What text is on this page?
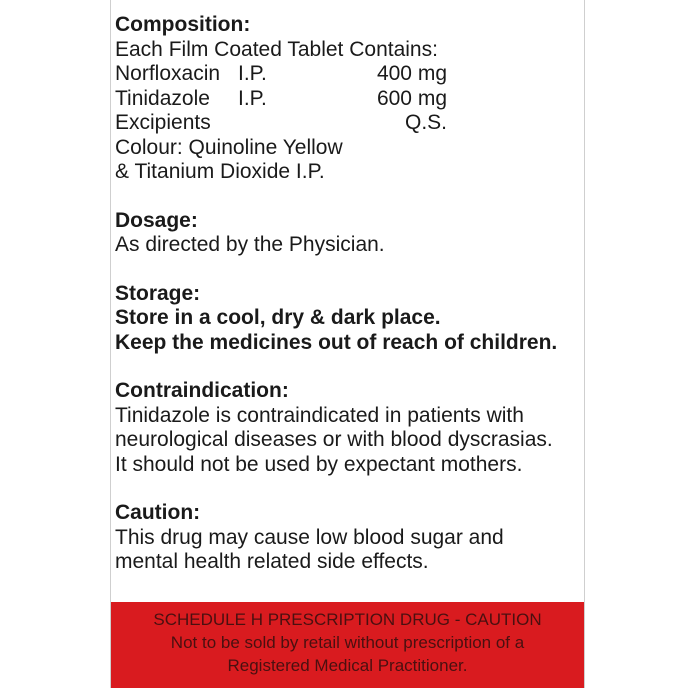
Composition:
Each Film Coated Tablet Contains:
Norfloxacin I.P.	400 mg
Tinidazole I.P.	600 mg
Excipients	Q.S.
Colour: Quinoline Yellow
& Titanium Dioxide I.P.
Dosage:
As directed by the Physician.
Storage:
Store in a cool, dry & dark place.
Keep the medicines out of reach of children.
Contraindication:
Tinidazole is contraindicated in patients with
neurological diseases or with blood dyscrasias.
It should not be used by expectant mothers.
Caution:
This drug may cause low blood sugar and
mental health related side effects.
SCHEDULE H PRESCRIPTION DRUG - CAUTION
Not to be sold by retail without prescription of a
Registered Medical Practitioner.
